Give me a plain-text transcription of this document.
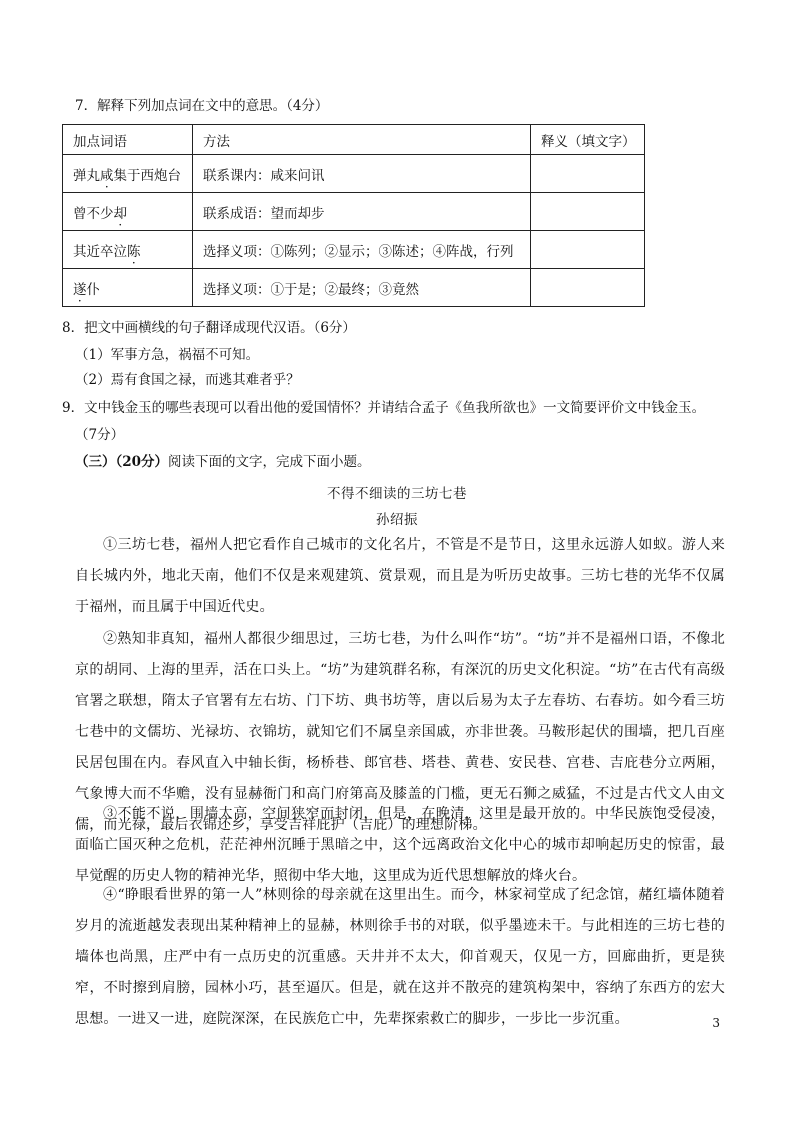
7．解释下列加点词在文中的意思。（4分）
加点词语	方法	释义（填文字）
弹丸咸集于西炮台	联系课内：咸来问讯	
曾不少却	联系成语：望而却步	
其近卒泣陈	选择义项：①陈列；②显示；③陈述；④阵战，行列	
遂仆	选择义项：①于是；②最终；③竟然	
8．把文中画横线的句子翻译成现代汉语。（6分）
（1）军事方急，祸福不可知。
（2）焉有食国之禄，而逃其难者乎？
9．文中钱金玉的哪些表现可以看出他的爱国情怀？并请结合孟子《鱼我所欲也》一文简要评价文中钱金玉。
（7分）
（三）（20分）阅读下面的文字，完成下面小题。
不得不细读的三坊七巷
孙绍振
①三坊七巷，福州人把它看作自己城市的文化名片，不管是不是节日，这里永远游人如蚁。游人来自长城内外，地北天南，他们不仅是来观建筑、赏景观，而且是为听历史故事。三坊七巷的光华不仅属于福州，而且属于中国近代史。
②熟知非真知，福州人都很少细思过，三坊七巷，为什么叫作“坊”。“坊”并不是福州口语，不像北京的胡同、上海的里弄，活在口头上。“坊”为建筑群名称，有深沉的历史文化积淀。“坊”在古代有高级官署之联想，隋太子官署有左右坊、门下坊、典书坊等，唐以后易为太子左春坊、右春坊。如今看三坊七巷中的文儒坊、光禄坊、衣锦坊，就知它们不属皇亲国戚，亦非世袭。马鞍形起伏的围墙，把几百座民居包围在内。春风直入中轴长街，杨桥巷、郎官巷、塔巷、黄巷、安民巷、宫巷、吉庇巷分立两厢，气象博大而不华赡，没有显赫衙门和高门府第高及膝盖的门槛，更无石狮之威猛，不过是古代文人由文儒，而光禄，最后衣锦还乡，享受吉祥庇护（吉庇）的理想阶梯。
③不能不说，围墙太高，空间狭窄而封闭，但是，在晚清，这里是最开放的。中华民族饱受侵凌，面临亡国灭种之危机，茫茫神州沉睡于黑暗之中，这个远离政治文化中心的城市却响起历史的惊雷，最早觉醒的历史人物的精神光华，照彻中华大地，这里成为近代思想解放的烽火台。
④“睁眼看世界的第一人”林则徐的母亲就在这里出生。而今，林家祠堂成了纪念馆，赭红墙体随着岁月的流逝越发表现出某种精神上的显赫，林则徐手书的对联，似乎墨迹未干。与此相连的三坊七巷的墙体也尚黑，庄严中有一点历史的沉重感。天井并不太大，仰首观天，仅见一方，回廊曲折，更是狭窄，不时擦到肩膀，园林小巧，甚至逼仄。但是，就在这并不散亮的建筑构架中，容纳了东西方的宏大思想。一进又一进，庭院深深，在民族危亡中，先辈探索救亡的脚步，一步比一步沉重。	3
